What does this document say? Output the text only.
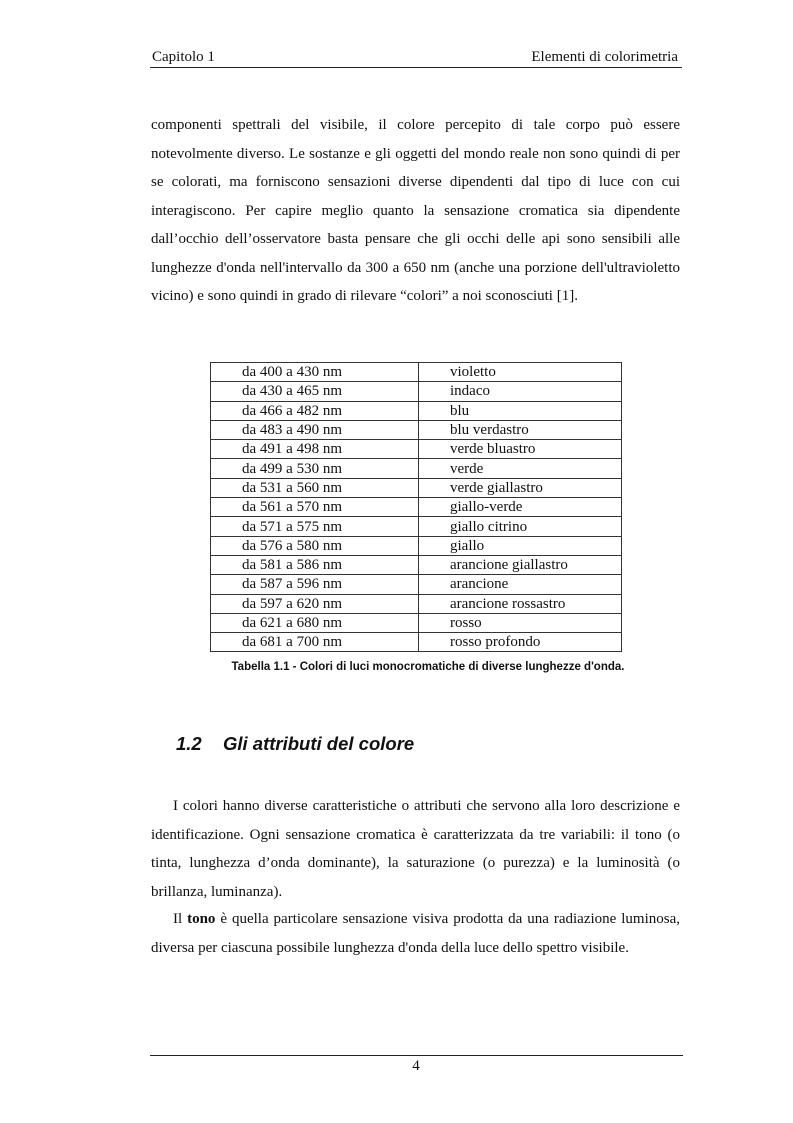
Capitolo 1	Elementi di colorimetria

componenti spettrali del visibile, il colore percepito di tale corpo può essere notevolmente diverso. Le sostanze e gli oggetti del mondo reale non sono quindi di per se colorati, ma forniscono sensazioni diverse dipendenti dal tipo di luce con cui interagiscono. Per capire meglio quanto la sensazione cromatica sia dipendente dall’occhio dell’osservatore basta pensare che gli occhi delle api sono sensibili alle lunghezze d'onda nell'intervallo da 300 a 650 nm (anche una porzione dell'ultravioletto vicino) e sono quindi in grado di rilevare “colori” a noi sconosciuti [1].

da 400 a 430 nm	violetto
da 430 a 465 nm	indaco
da 466 a 482 nm	blu
da 483 a 490 nm	blu verdastro
da 491 a 498 nm	verde bluastro
da 499 a 530 nm	verde
da 531 a 560 nm	verde giallastro
da 561 a 570 nm	giallo-verde
da 571 a 575 nm	giallo citrino
da 576 a 580 nm	giallo
da 581 a 586 nm	arancione giallastro
da 587 a 596 nm	arancione
da 597 a 620 nm	arancione rossastro
da 621 a 680 nm	rosso
da 681 a 700 nm	rosso profondo
Tabella 1.1 - Colori di luci monocromatiche di diverse lunghezze d'onda.
1.2 Gli attributi del colore

I colori hanno diverse caratteristiche o attributi che servono alla loro descrizione e identificazione. Ogni sensazione cromatica è caratterizzata da tre variabili: il tono (o tinta, lunghezza d’onda dominante), la saturazione (o purezza) e la luminosità (o brillanza, luminanza).

Il tono è quella particolare sensazione visiva prodotta da una radiazione luminosa, diversa per ciascuna possibile lunghezza d'onda della luce dello spettro visibile.

4
